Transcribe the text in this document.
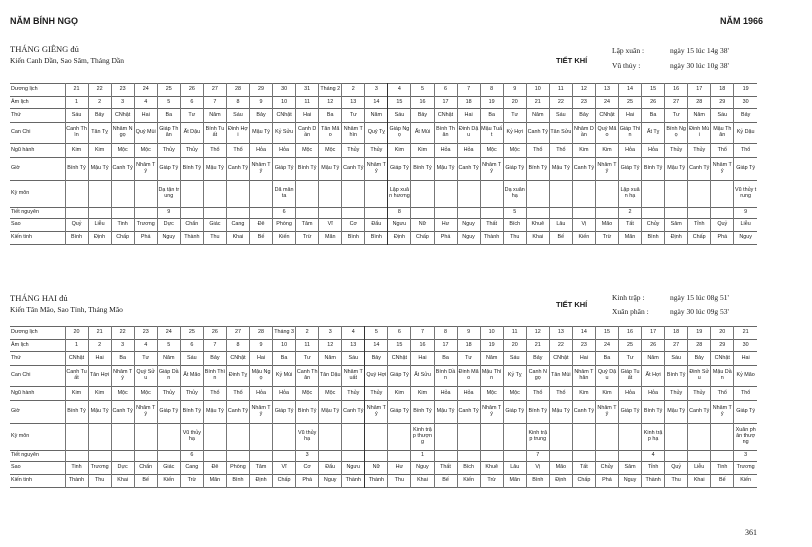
NĂM BÍNH NGỌ	NĂM 1966
THÁNG GIÊNG đủ
Kiến Canh Dần, Sao Sâm, Tháng Dần	TIẾT KHÍ
Lập xuân :	ngày 15 lúc 14g 38'
Vũ thủy :	ngày 30 lúc 10g 38'
Dương lịch	21	22	23	24	25	26	27	28	29	30	31	Tháng 2	2	3	4	5	6	7	8	9	10	11	12	13	14	15	16	17	18	19
Âm lịch	1	2	3	4	5	6	7	8	9	10	11	12	13	14	15	16	17	18	19	20	21	22	23	24	25	26	27	28	29	30
Thứ	Sáu	Bảy	CNhật	Hai	Ba	Tư	Năm	Sáu	Bảy	CNhật	Hai	Ba	Tư	Năm	Sáu	Bảy	CNhật	Hai	Ba	Tư	Năm	Sáu	Bảy	CNhật	Hai	Ba	Tư	Năm	Sáu	Bảy
Can Chi	Canh Thìn	Tân Tỵ	Nhâm Ngọ	Quý Mùi	Giáp Thân	Ất Dậu	Bính Tuất	Đinh Hợi	Mậu Tý	Kỷ Sửu	Canh Dần	Tân Mão	Nhâm Thìn	Quý Tỵ	Giáp Ngọ	Ất Mùi	Bính Thân	Đinh Dậu	Mậu Tuất	Kỷ Hợi	Canh Tý	Tân Sửu	Nhâm Dần	Quý Mão	Giáp Thìn	Ất Tỵ	Bính Ngọ	Đinh Mùi	Mậu Thân	Kỷ Dậu
Ngũ hành	Kim	Kim	Mộc	Mộc	Thủy	Thủy	Thổ	Thổ	Hỏa	Hỏa	Mộc	Mộc	Thủy	Thủy	Kim	Kim	Hỏa	Hỏa	Mộc	Mộc	Thổ	Thổ	Kim	Kim	Hỏa	Hỏa	Thủy	Thủy	Thổ	Thổ
Giờ	Bính Tý	Mậu Tý	Canh Tý	Nhâm Tý	Giáp Tý	Bính Tý	Mậu Tý	Canh Tý	Nhâm Tý	Giáp Tý	Bính Tý	Mậu Tý	Canh Tý	Nhâm Tý	Giáp Tý	Bính Tý	Mậu Tý	Canh Tý	Nhâm Tý	Giáp Tý	Bính Tý	Mậu Tý	Canh Tý	Nhâm Tý	Giáp Tý	Bính Tý	Mậu Tý	Canh Tý	Nhâm Tý	Giáp Tý
Kỳ môn					Dạ tận trung					Dã mân ta					Lập xuân hương					Dạ xuân hạ					Lập xuân hạ					Vũ thủy trung
Tiết nguyên					9					6					8					5					2					9
Sao	Quỷ	Liễu	Tinh	Trương	Dực	Chẩn	Giác	Cang	Đê	Phòng	Tâm	Vĩ	Cơ	Đẩu	Ngưu	Nữ	Hư	Nguy	Thất	Bích	Khuê	Lâu	Vị	Mão	Tất	Chủy	Sâm	Tỉnh	Quỷ	Liễu
Kiến tinh	Bình	Định	Chấp	Phá	Nguy	Thành	Thu	Khai	Bế	Kiến	Trừ	Mãn	Bình	Bình	Định	Chấp	Phá	Nguy	Thành	Thu	Khai	Bế	Kiến	Trừ	Mãn	Bình	Định	Chấp	Phá	Nguy
THÁNG HAI đủ
Kiến Tân Mão, Sao Tỉnh, Tháng Mão
TIẾT KHÍ
Kinh trập :	ngày 15 lúc 08g 51'
Xuân phân :	ngày 30 lúc 09g 53'
Dương lịch	20	21	22	23	24	25	26	27	28	Tháng 3	2	3	4	5	6	7	8	9	10	11	12	13	14	15	16	17	18	19	20	21
Âm lịch	1	2	3	4	5	6	7	8	9	10	11	12	13	14	15	16	17	18	19	20	21	22	23	24	25	26	27	28	29	30
Thứ	CNhật	Hai	Ba	Tư	Năm	Sáu	Bảy	CNhật	Hai	Ba	Tư	Năm	Sáu	Bảy	CNhật	Hai	Ba	Tư	Năm	Sáu	Bảy	CNhật	Hai	Ba	Tư	Năm	Sáu	Bảy	CNhật	Hai
Can Chi	Canh Tuất	Tân Hợi	Nhâm Tý	Quý Sửu	Giáp Dần	Ất Mão	Bính Thìn	Đinh Tỵ	Mậu Ngọ	Kỷ Mùi	Canh Thân	Tân Dậu	Nhâm Tuất	Quý Hợi	Giáp Tý	Ất Sửu	Bính Dần	Đinh Mão	Mậu Thìn	Kỷ Tỵ	Canh Ngọ	Tân Mùi	Nhâm Thân	Quý Dậu	Giáp Tuất	Ất Hợi	Bính Tý	Đinh Sửu	Mậu Dần	Kỷ Mão
Ngũ hành	Kim	Kim	Mộc	Mộc	Thủy	Thủy	Thổ	Thổ	Hỏa	Hỏa	Mộc	Mộc	Thủy	Thủy	Kim	Kim	Hỏa	Hỏa	Mộc	Mộc	Thổ	Thổ	Kim	Kim	Hỏa	Hỏa	Thủy	Thủy	Thổ	Thổ
Giờ	Bính Tý	Mậu Tý	Canh Tý	Nhâm Tý	Giáp Tý	Bính Tý	Mậu Tý	Canh Tý	Nhâm Tý	Giáp Tý	Bính Tý	Mậu Tý	Canh Tý	Nhâm Tý	Giáp Tý	Bính Tý	Mậu Tý	Canh Tý	Nhâm Tý	Giáp Tý	Bính Tý	Mậu Tý	Canh Tý	Nhâm Tý	Giáp Tý	Bính Tý	Mậu Tý	Canh Tý	Nhâm Tý	Giáp Tý
Kỳ môn						Vũ thủy hạ					Vũ thủy hạ					Kinh trập thượng					Kinh trập trung					Kinh trập hạ				Xuân phân thượng
Tiết nguyên						6					3					1					7					4				3
Sao	Tinh	Trương	Dực	Chẩn	Giác	Cang	Đê	Phòng	Tâm	Vĩ	Cơ	Đẩu	Ngưu	Nữ	Hư	Nguy	Thất	Bích	Khuê	Lâu	Vị	Mão	Tất	Chủy	Sâm	Tỉnh	Quỷ	Liễu	Tinh	Trương
Kiến tinh	Thành	Thu	Khai	Bế	Kiến	Trừ	Mãn	Bình	Định	Chấp	Phá	Nguy	Thành	Thành	Thu	Khai	Bế	Kiến	Trừ	Mãn	Bình	Định	Chấp	Phá	Nguy	Thành	Thu	Khai	Bế	Kiến
361
